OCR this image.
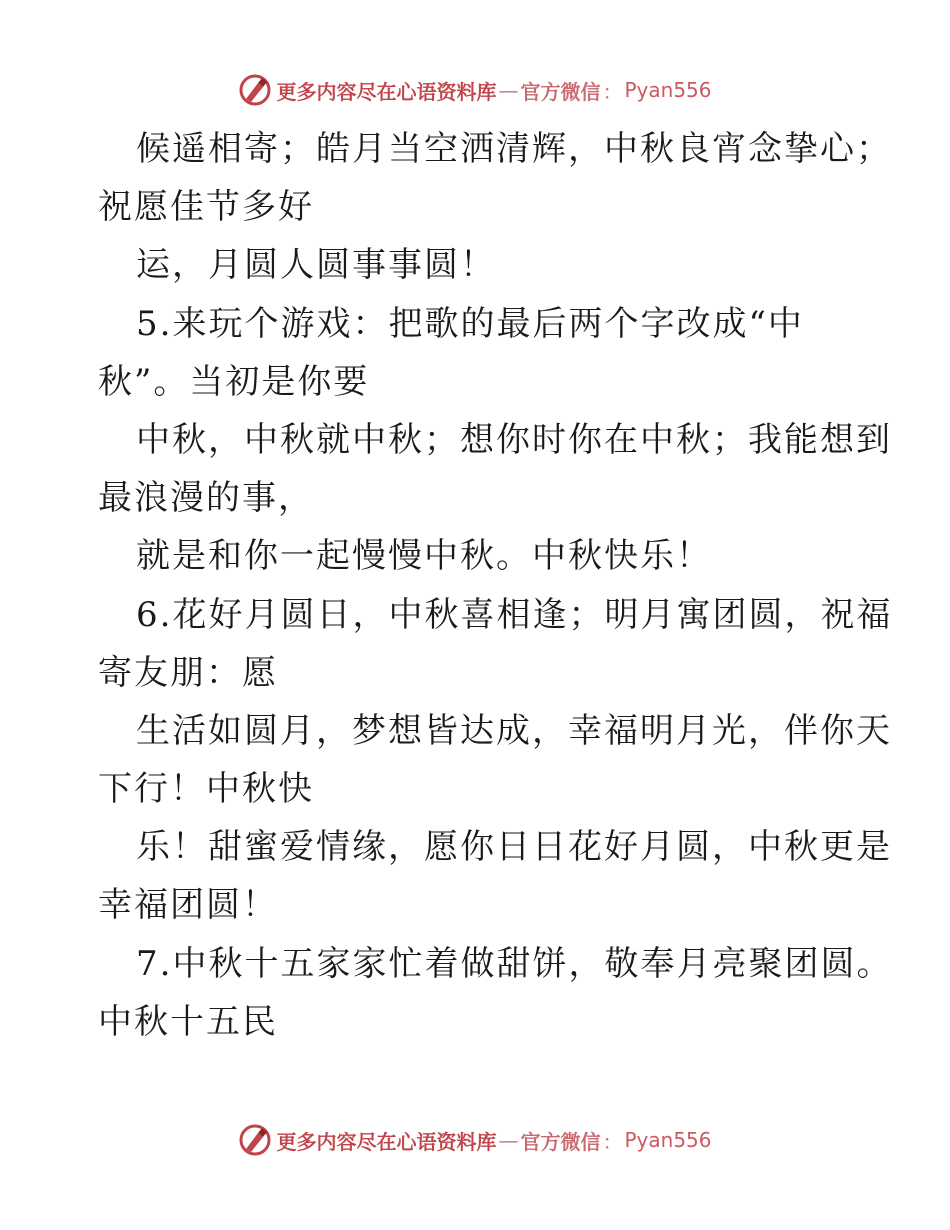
更多内容尽在心语资料库 — 官方微信 ： Pyan556
候遥相寄；皓月当空洒清辉，中秋良宵念挚心；
祝愿佳节多好
运，月圆人圆事事圆！
5.来玩个游戏：把歌的最后两个字改成“中
秋”。当初是你要
中秋，中秋就中秋；想你时你在中秋；我能想到
最浪漫的事，
就是和你一起慢慢中秋。中秋快乐！
6.花好月圆日，中秋喜相逢；明月寓团圆，祝福
寄友朋：愿
生活如圆月，梦想皆达成，幸福明月光，伴你天
下行！中秋快
乐！甜蜜爱情缘，愿你日日花好月圆，中秋更是
幸福团圆！
7.中秋十五家家忙着做甜饼，敬奉月亮聚团圆。
中秋十五民
更多内容尽在心语资料库 — 官方微信 ： Pyan556
